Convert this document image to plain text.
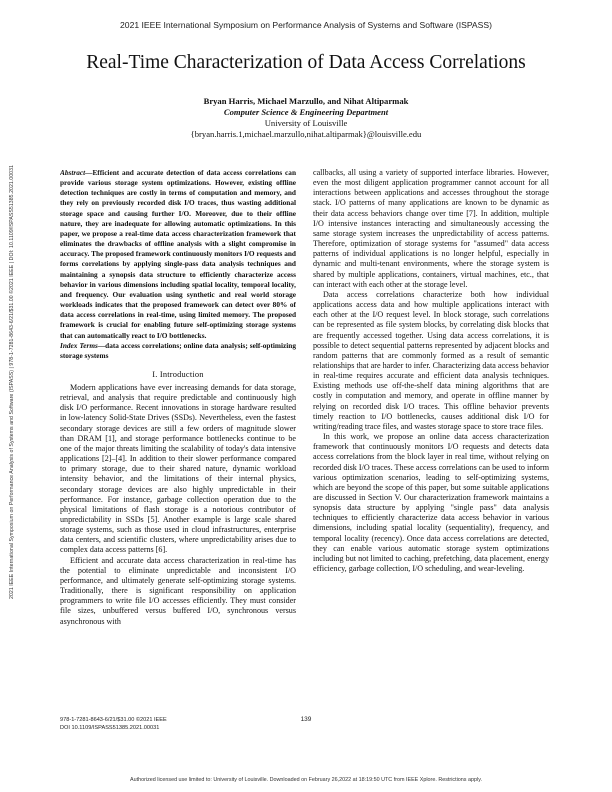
2021 IEEE International Symposium on Performance Analysis of Systems and Software (ISPASS)
Real-Time Characterization of Data Access Correlations
Bryan Harris, Michael Marzullo, and Nihat Altiparmak
Computer Science & Engineering Department
University of Louisville
{bryan.harris.1,michael.marzullo,nihat.altiparmak}@louisville.edu
2021 IEEE International Symposium on Performance Analysis of Systems and Software (ISPASS) | 978-1-7281-8643-6/21/$31.00 ©2021 IEEE | DOI: 10.1109/ISPASS51385.2021.00031	Abstract—Efficient and accurate detection of data access correlations can provide various storage system optimizations. However, existing offline detection techniques are costly in terms of computation and memory, and they rely on previously recorded disk I/O traces, thus wasting additional storage space and causing further I/O. Moreover, due to their offline nature, they are inadequate for allowing automatic optimizations. In this paper, we propose a real-time data access characterization framework that eliminates the drawbacks of offline analysis with a slight compromise in accuracy. The proposed framework continuously monitors I/O requests and forms correlations by applying single-pass data analysis techniques and maintaining a synopsis data structure to efficiently characterize access behavior in various dimensions including spatial locality, temporal locality, and frequency. Our evaluation using synthetic and real world storage workloads indicates that the proposed framework can detect over 80% of data access correlations in real-time, using limited memory. The proposed framework is crucial for enabling future self-optimizing storage systems that can automatically react to I/O bottlenecks.

Index Terms—data access correlations; online data analysis; self-optimizing storage systems

I. Introduction

Modern applications have ever increasing demands for data storage, retrieval, and analysis that require predictable and continuously high disk I/O performance. Recent innovations in storage hardware resulted in low-latency Solid-State Drives (SSDs). Nevertheless, even the fastest secondary storage devices are still a few orders of magnitude slower than DRAM [1], and storage performance bottlenecks continue to be one of the major threats limiting the scalability of today's data intensive applications [2]–[4]. In addition to their slower performance compared to primary storage, due to their shared nature, dynamic workload intensity behavior, and the limitations of their internal physics, secondary storage devices are also highly unpredictable in their performance. For instance, garbage collection operation due to the physical limitations of flash storage is a notorious contributor of unpredictability in SSDs [5]. Another example is large scale shared storage systems, such as those used in cloud infrastructures, enterprise data centers, and scientific clusters, where unpredictability arises due to complex data access patterns [6].

Efficient and accurate data access characterization in real-time has the potential to eliminate unpredictable and inconsistent I/O performance, and ultimately generate self-optimizing storage systems. Traditionally, there is significant responsibility on application programmers to write file I/O accesses efficiently. They must consider file sizes, unbuffered versus buffered I/O, synchronous versus asynchronous with

callbacks, all using a variety of supported interface libraries. However, even the most diligent application programmer cannot account for all interactions between applications and accesses throughout the storage stack. I/O patterns of many applications are known to be dynamic as their data access behaviors change over time [7]. In addition, multiple I/O intensive instances interacting and simultaneously accessing the same storage system increases the unpredictability of access patterns. Therefore, optimization of storage systems for "assumed" data access patterns of individual applications is no longer helpful, especially in dynamic and multi-tenant environments, where the storage system is shared by multiple applications, containers, virtual machines, etc., that can interact with each other at the storage level.

Data access correlations characterize both how individual applications access data and how multiple applications interact with each other at the I/O request level. In block storage, such correlations can be represented as file system blocks, by correlating disk blocks that are frequently accessed together. Using data access correlations, it is possible to detect sequential patterns represented by adjacent blocks and random patterns that are commonly formed as a result of semantic relationships that are harder to infer. Characterizing data access behavior in real-time requires accurate and efficient data analysis techniques. Existing methods use off-the-shelf data mining algorithms that are costly in computation and memory, and operate in offline manner by relying on recorded disk I/O traces. This offline behavior prevents timely reaction to I/O bottlenecks, causes additional disk I/O for writing/reading trace files, and wastes storage space to store trace files.

In this work, we propose an online data access characterization framework that continuously monitors I/O requests and detects data access correlations from the block layer in real time, without relying on recorded disk I/O traces. These access correlations can be used to inform various optimization scenarios, leading to self-optimizing systems, which are beyond the scope of this paper, but some suitable applications are discussed in Section V. Our characterization framework maintains a synopsis data structure by applying "single pass" data analysis techniques to efficiently characterize data access behavior in various dimensions, including spatial locality (sequentiality), frequency, and temporal locality (recency). Once data access correlations are detected, they can enable various automatic storage system optimizations including but not limited to caching, prefetching, data placement, energy efficiency, garbage collection, I/O scheduling, and wear-leveling.

978-1-7281-8643-6/21/$31.00 ©2021 IEEE
DOI 10.1109/ISPASS51385.2021.00031
139
Authorized licensed use limited to: University of Louisville. Downloaded on February 26,2022 at 18:19:50 UTC from IEEE Xplore. Restrictions apply.
